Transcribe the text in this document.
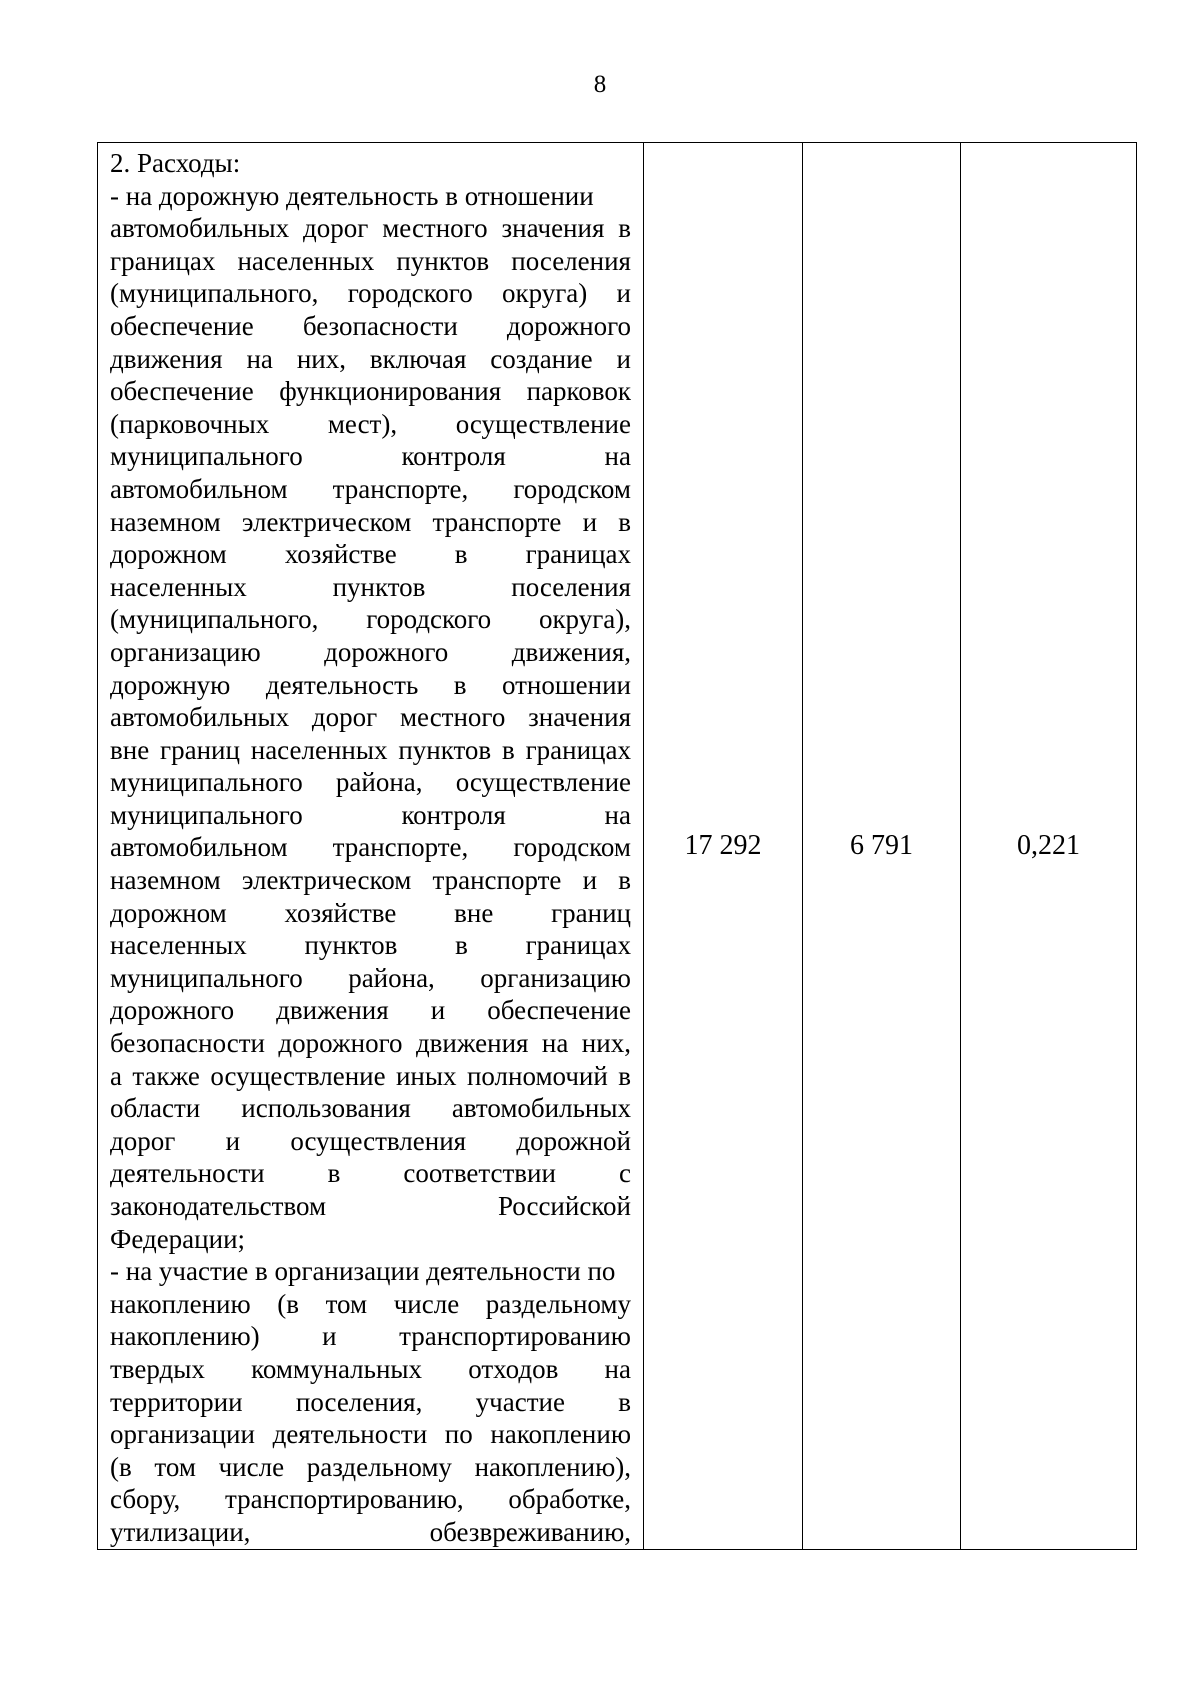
8
2. Расходы:
- на дорожную деятельность в отношении
автомобильных дорог местного значения в
границах населенных пунктов поселения
(муниципального, городского округа) и
обеспечение безопасности дорожного
движения на них, включая создание и
обеспечение функционирования парковок
(парковочных мест), осуществление
муниципального	контроля	на
автомобильном транспорте, городском
наземном электрическом транспорте и в
дорожном хозяйстве в границах
населенных	пунктов	поселения
(муниципального, городского округа),
организацию дорожного движения,
дорожную деятельность в отношении
автомобильных дорог местного значения
вне границ населенных пунктов в границах
муниципального района, осуществление
муниципального	контроля	на
автомобильном транспорте, городском
наземном электрическом транспорте и в
дорожном хозяйстве вне границ
населенных пунктов в границах
муниципального района, организацию
дорожного движения и обеспечение
безопасности дорожного движения на них,
а также осуществление иных полномочий в
области использования автомобильных
дорог и осуществления дорожной
деятельности в соответствии с
законодательством	Российской
Федерации;
- на участие в организации деятельности по
накоплению (в том числе раздельному
накоплению) и транспортированию
твердых коммунальных отходов на
территории поселения, участие в
организации деятельности по накоплению
(в том числе раздельному накоплению),
сбору, транспортированию, обработке,
утилизации,	обезвреживанию,
	17 292	6 791	0,221
